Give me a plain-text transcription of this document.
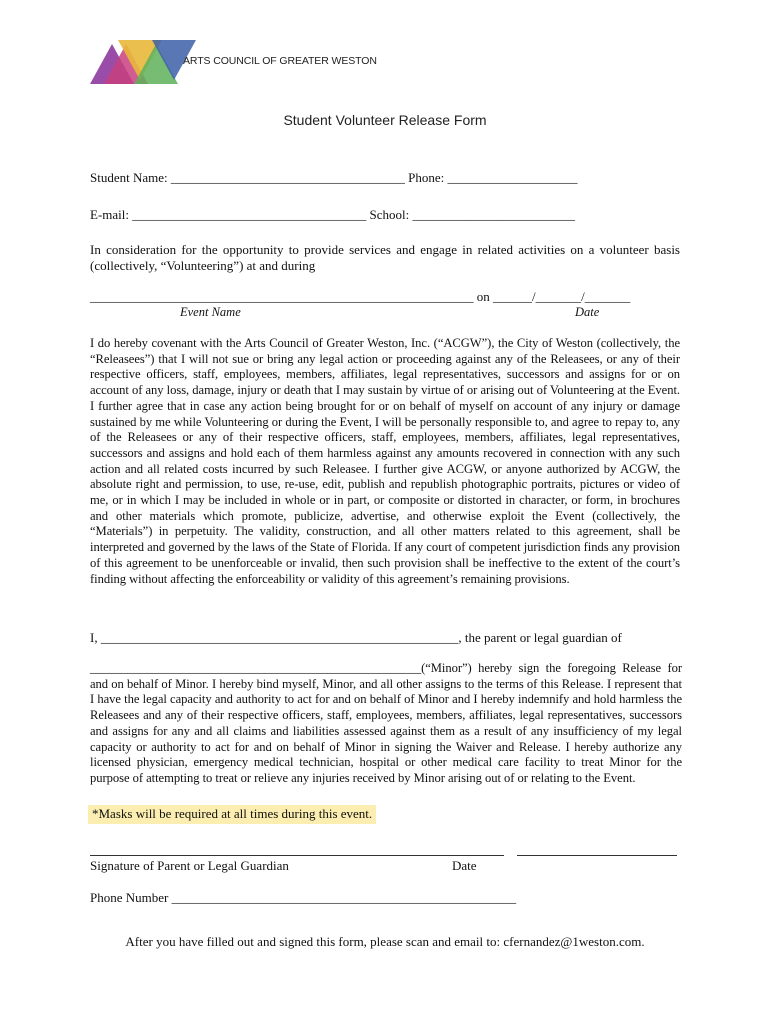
ARTS COUNCIL OF GREATER WESTON
Student Volunteer Release Form
Student Name: ____________________________________ Phone: ____________________
E-mail: ____________________________________ School: _________________________
In consideration for the opportunity to provide services and engage in related activities on a volunteer basis (collectively, “Volunteering”) at and during
___________________________________________________________ on ______/_______/_______
Event Name	Date
I do hereby covenant with the Arts Council of Greater Weston, Inc. (“ACGW”), the City of Weston (collectively, the “Releasees”) that I will not sue or bring any legal action or proceeding against any of the Releasees, or any of their respective officers, staff, employees, members, affiliates, legal representatives, successors and assigns for or on account of any loss, damage, injury or death that I may sustain by virtue of or arising out of Volunteering at the Event. I further agree that in case any action being brought for or on behalf of myself on account of any injury or damage sustained by me while Volunteering or during the Event, I will be personally responsible to, and agree to repay to, any of the Releasees or any of their respective officers, staff, employees, members, affiliates, legal representatives, successors and assigns and hold each of them harmless against any amounts recovered in connection with any such action and all related costs incurred by such Releasee. I further give ACGW, or anyone authorized by ACGW, the absolute right and permission, to use, re-use, edit, publish and republish photographic portraits, pictures or video of me, or in which I may be included in whole or in part, or composite or distorted in character, or form, in brochures and other materials which promote, publicize, advertise, and otherwise exploit the Event (collectively, the “Materials”) in perpetuity. The validity, construction, and all other matters related to this agreement, shall be interpreted and governed by the laws of the State of Florida. If any court of competent jurisdiction finds any provision of this agreement to be unenforceable or invalid, then such provision shall be ineffective to the extent of the court’s finding without affecting the enforceability or validity of this agreement’s remaining provisions.
I, _______________________________________________________, the parent or legal guardian of
_____________________________________________________(“Minor”) hereby sign the foregoing Release for and on behalf of Minor. I hereby bind myself, Minor, and all other assigns to the terms of this Release. I represent that I have the legal capacity and authority to act for and on behalf of Minor and I hereby indemnify and hold harmless the Releasees and any of their respective officers, staff, employees, members, affiliates, legal representatives, successors and assigns for any and all claims and liabilities assessed against them as a result of any insufficiency of my legal capacity or authority to act for and on behalf of Minor in signing the Waiver and Release. I hereby authorize any licensed physician, emergency medical technician, hospital or other medical care facility to treat Minor for the purpose of attempting to treat or relieve any injuries received by Minor arising out of or relating to the Event.
*Masks will be required at all times during this event.
Signature of Parent or Legal Guardian	Date
Phone Number _____________________________________________________
After you have filled out and signed this form, please scan and email to: cfernandez@1weston.com.
